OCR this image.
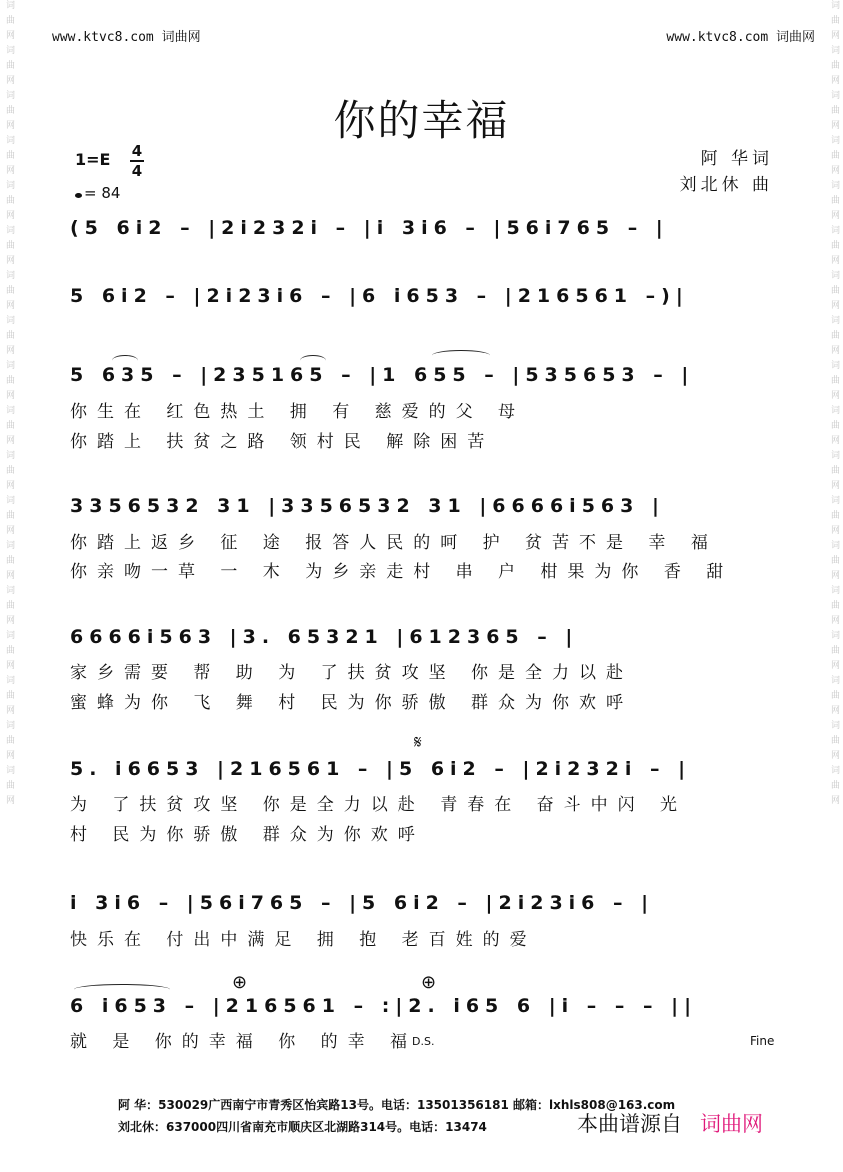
词曲网词曲网词曲网词曲网词曲网词曲网词曲网词曲网词曲网词曲网词曲网词曲网词曲网词曲网词曲网词曲网词曲网词曲网	词曲网词曲网词曲网词曲网词曲网词曲网词曲网词曲网词曲网词曲网词曲网词曲网词曲网词曲网词曲网词曲网词曲网词曲网
www.ktvc8.com 词曲网	www.ktvc8.com 词曲网
你的幸福
1=E 4
4
= 84
阿 华词
刘北休 曲
(5 6i2 – |2i232i – |i 3i6 – |56i765 – |
5 6i2 – |2i23i6 – |6 i653 – |216561 –)|
5 635 – |235165 – |1 655 – |535653 – |
你生在 红色热土 拥 有 慈爱的父 母
你踏上 扶贫之路 领村民 解除困苦
3356532 31 |3356532 31 |6666i563 |
你踏上返乡 征 途 报答人民的呵 护 贫苦不是 幸 福
你亲吻一草 一 木 为乡亲走村 串 户 柑果为你 香 甜
6666i563 |3. 65321 |612365 – |
家乡需要 帮 助 为 了扶贫攻坚 你是全力以赴
蜜蜂为你 飞 舞 村 民为你骄傲 群众为你欢呼
𝄋
5. i6653 |216561 – |5 6i2 – |2i232i – |
为 了扶贫攻坚 你是全力以赴 青春在 奋斗中闪 光
村 民为你骄傲 群众为你欢呼
i 3i6 – |56i765 – |5 6i2 – |2i23i6 – |
快乐在 付出中满足 拥 抱 老百姓的爱
⊕	⊕
6 i653 – |216561 – :|2. i65 6 |i – – – ||
就 是 你的幸福 你 的幸 福
D.S.	Fine
阿 华：530029广西南宁市青秀区怡宾路13号。电话：13501356181 邮箱：lxhls808@163.com
刘北休：637000四川省南充市顺庆区北湖路314号。电话：13474	本曲谱源自 词曲网
